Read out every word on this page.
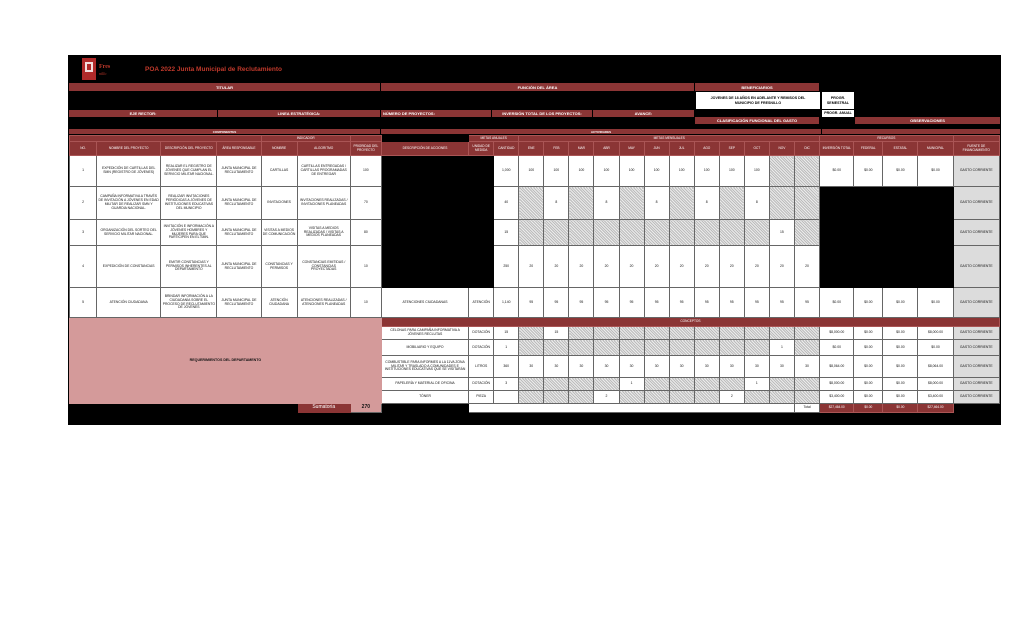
Fres
nillo
POA 2022 Junta Municipal de Reclutamiento
TITULAR	FUNCIÓN DEL ÁREA	BENEFICIARIOS
JOVENES DE 18 AÑOS EN ADELANTE Y REMISOS DEL MUNICIPIO DE FRESNILLO
PROGR. SEMESTRAL
EJE RECTOR:	LINEA ESTRATÉGICA:	NÚMERO DE PROYECTOS:	INVERSIÓN TOTAL DE LOS PROYECTOS:	AVANCE:
CLASIFICACIÓN FUNCIONAL DEL GASTO
PROGR. ANUAL
OBSERVACIONES
COMPONENTES	ACTIVIDADES
				INDICADOR				METAS ANUALES		METAS MENSUALES												RECURSOS				
NO.	NOMBRE DEL PROYECTO	DESCRIPCIÓN DEL PROYECTO	ÁREA RESPONSABLE	NOMBRE	ALGORITMO	PRIORIDAD DEL PROYECTO	DESCRIPCIÓN DE ACCIONES	UNIDAD DE MEDIDA	CANTIDAD	ENE	FEB	MAR	ABR	MAY	JUN	JUL	AGO	SEP	OCT	NOV	DIC	INVERSIÓN TOTAL	FEDERAL	ESTATAL	MUNICIPAL	FUENTE DE FINANCIAMIENTO
1	EXPEDICIÓN DE CARTILLAS DEL SMN (REGISTRO DE JÓVENES)	REALIZAR EL REGISTRO DE JÓVENES QUE CUMPLAN EL SERVICIO MILITAR NACIONAL.	JUNTA MUNICIPAL DE RECLUTAMIENTO	CARTILLAS	CARTILLAS ENTREGADAS / CARTILLAS PROGRAMADAS DE ENTREGAR	100			1,000	100	100	100	100	100	100	100	100	100	100			$0.00	$0.00	$0.00	$0.00	GASTO CORRIENTE
2	CAMPAÑA INFORMATIVA A TRAVÉS DE INVITACIÓN A JÓVENES EN EDAD MILITAR DE REALIZAR SMN Y GUARDIA NACIONAL.	REALIZAR INVITACIONES PERIÓDICAS A JÓVENES DE INSTITUCIONES EDUCATIVAS DEL MUNICIPIO	JUNTA MUNICIPAL DE RECLUTAMIENTO	INVITACIONES	INVITACIONES REALIZADAS / INVITACIONES PLANEADAS	70			40		8		8		8		8		8							GASTO CORRIENTE
3	ORGANIZACIÓN DEL SORTEO DEL SERVICIO MILITAR NACIONAL.	INVITACIÓN E INFORMACIÓN A JÓVENES HOMBRES Y MUJERES PARA QUE PARTICIPEN EN EL SMN.	JUNTA MUNICIPAL DE RECLUTAMIENTO	VISITAS A MEDIOS DE COMUNICACIÓN	VISITAS A MEDIOS REALIZADAS / VISITAS A MEDIOS PLANEADAS	80			15											15						GASTO CORRIENTE
4	EXPEDICIÓN DE CONSTANCIAS	EMITIR CONSTANCIAS Y PERMISOS INHERENTES AL DEPARTAMENTO	JUNTA MUNICIPAL DE RECLUTAMIENTO	CONSTANCIAS Y PERMISOS	CONSTANCIAS EMITIDAS / CONSTANCIAS PROYECTADAS	10			250	20	20	20	20	20	20	20	20	20	20	20	20					GASTO CORRIENTE
5	ATENCIÓN CIUDADANA	BRINDAR INFORMACIÓN A LA CIUDADANÍA SOBRE EL PROCESO DE RECLUTAMIENTO DE JÓVENES	JUNTA MUNICIPAL DE RECLUTAMIENTO	ATENCIÓN CIUDADANA	ATENCIONES REALIZADAS / ATENCIONES PLANEADAS	10	ATENCIONES CIUDADANAS	ATENCIÓN	1,140	95	95	95	95	95	95	95	95	95	95	95	95	$0.00	$0.00	$0.00	$0.00	GASTO CORRIENTE
REQUERIMIENTOS DEL DEPARTAMENTO							CONCEPTOS																			
							CELONAS PARA CAMPAÑA INFORMATIVA A JÓVENES RECLUTAS	DOTACIÓN	15		15											$8,000.00	$0.00	$0.00	$8,000.00	GASTO CORRIENTE
							MOBILIARIO Y EQUIPO	DOTACIÓN	1											1		$0.00	$0.00	$0.00	$0.00	GASTO CORRIENTE
							COMBUSTIBLE PARA INFORMES A LA 11VA ZONA MILITAR Y TRASLADO A COMUNIDADES E INSTITUCIONES EDUCATIVAS QUE SE VISITARÁN	LITROS	360	30	30	30	30	30	30	30	30	30	30	30	30	$8,064.00	$0.00	$0.00	$8,064.00	GASTO CORRIENTE
							PAPELERÍA Y MATERIAL DE OFICINA	DOTACIÓN	3					1					1			$8,000.00	$0.00	$0.00	$8,000.00	GASTO CORRIENTE
							TÓNER	PIEZA					2					2				$3,400.00	$0.00	$0.00	$3,400.00	GASTO CORRIENTE
					Sumatoria	270															Total	$27,464.00	$0.00	$0.00	$27,464.00	
